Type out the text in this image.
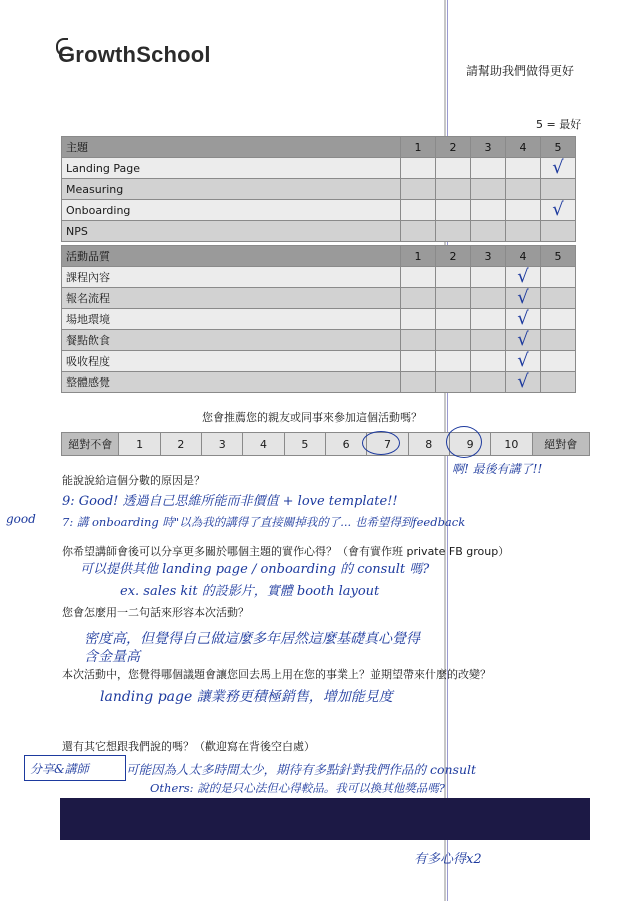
GrowthSchool
請幫助我們做得更好
5 = 最好
主題	1	2	3	4	5
Landing Page					√
Measuring					
Onboarding					√
NPS					
活動品質	1	2	3	4	5
課程內容				√	
報名流程				√	
場地環境				√	
餐點飲食				√	
吸收程度				√	
整體感覺				√	
您會推薦您的親友或同事來參加這個活動嗎？
絕對不會	1	2	3	4	5	6	7	8	9	10	絕對會
啊! 最後有講了!!
能說說給這個分數的原因是？
9: Good! 透過自己思維所能而非價值 + love template!!
good 7: 講 onboarding 時"以為我的講得了直接關掉我的了... 也希望得到feedback
你希望講師會後可以分享更多關於哪個主題的實作心得？（會有實作班 private FB group）
可以提供其他 landing page / onboarding 的 consult 嗎?
ex. sales kit 的設影片，實體 booth layout
您會怎麼用一二句話來形容本次活動？
密度高，但覺得自己做這麼多年居然這麼基礎真心覺得
含金量高
本次活動中，您覺得哪個議題會讓您回去馬上用在您的事業上？並期望帶來什麼的改變？
landing page 讓業務更積極銷售，增加能見度
還有其它想跟我們說的嗎？（歡迎寫在背後空白處）
分享&講師	可能因為人太多時間太少，期待有多點針對我們作品的 consult
Others: 說的是只心法但心得較品。我可以換其他獎品嗎?
有多心得x2
